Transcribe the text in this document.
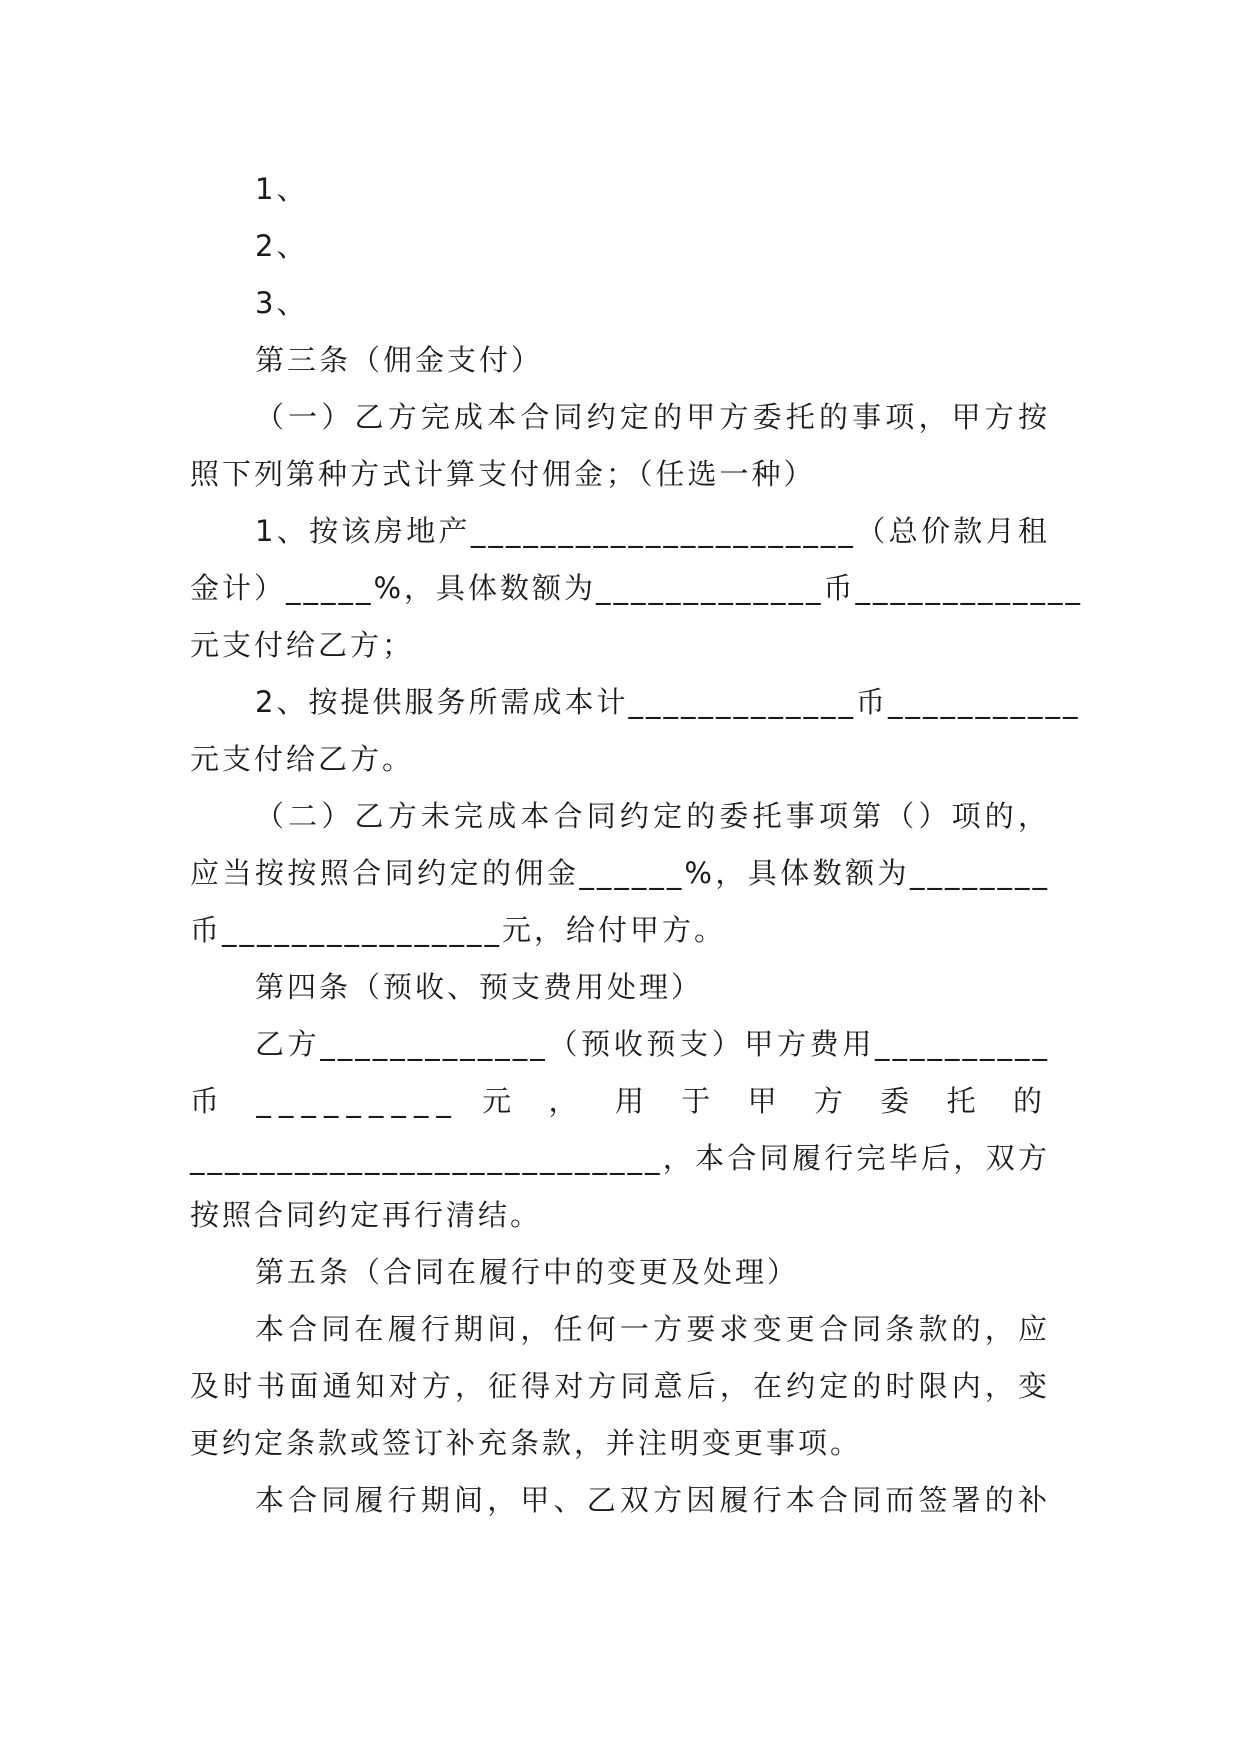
1、
2、
3、
第三条（佣金支付）
（一）乙方完成本合同约定的甲方委托的事项，甲方按
照下列第种方式计算支付佣金；（任选一种）
1、按该房地产______________________（总价款月租
金计）_____%，具体数额为_____________币_____________
元支付给乙方；
2、按提供服务所需成本计_____________币___________
元支付给乙方。
（二）乙方未完成本合同约定的委托事项第（）项的，
应当按按照合同约定的佣金______%，具体数额为________
币________________元，给付甲方。
第四条（预收、预支费用处理）
乙方_____________（预收预支）甲方费用__________
币 _________ 元 ， 用 于 甲 方 委 托 的
___________________________，本合同履行完毕后，双方
按照合同约定再行清结。
第五条（合同在履行中的变更及处理）
本合同在履行期间，任何一方要求变更合同条款的，应
及时书面通知对方，征得对方同意后，在约定的时限内，变
更约定条款或签订补充条款，并注明变更事项。
本合同履行期间，甲、乙双方因履行本合同而签署的补
